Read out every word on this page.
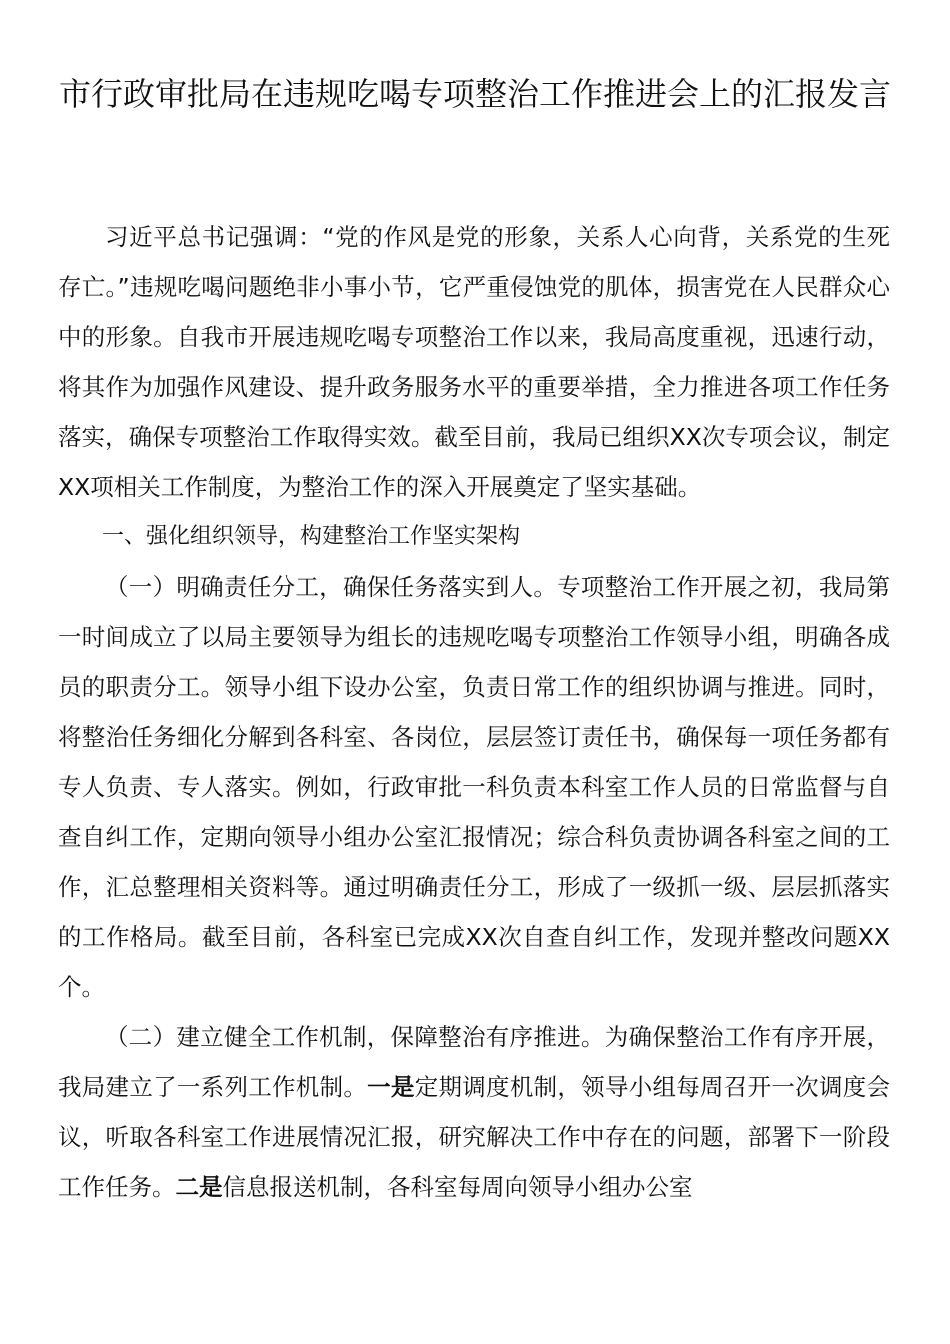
市行政审批局在违规吃喝专项整治工作推进会上的汇报发言

习近平总书记强调：“党的作风是党的形象，关系人心向背，关系党的生死存亡。”违规吃喝问题绝非小事小节，它严重侵蚀党的肌体，损害党在人民群众心中的形象。自我市开展违规吃喝专项整治工作以来，我局高度重视，迅速行动，将其作为加强作风建设、提升政务服务水平的重要举措，全力推进各项工作任务落实，确保专项整治工作取得实效。截至目前，我局已组织XX次专项会议，制定XX项相关工作制度，为整治工作的深入开展奠定了坚实基础。

一、强化组织领导，构建整治工作坚实架构

（一）明确责任分工，确保任务落实到人。专项整治工作开展之初，我局第一时间成立了以局主要领导为组长的违规吃喝专项整治工作领导小组，明确各成员的职责分工。领导小组下设办公室，负责日常工作的组织协调与推进。同时，将整治任务细化分解到各科室、各岗位，层层签订责任书，确保每一项任务都有专人负责、专人落实。例如，行政审批一科负责本科室工作人员的日常监督与自查自纠工作，定期向领导小组办公室汇报情况；综合科负责协调各科室之间的工作，汇总整理相关资料等。通过明确责任分工，形成了一级抓一级、层层抓落实的工作格局。截至目前，各科室已完成XX次自查自纠工作，发现并整改问题XX个。

（二）建立健全工作机制，保障整治有序推进。为确保整治工作有序开展，我局建立了一系列工作机制。一是定期调度机制，领导小组每周召开一次调度会议，听取各科室工作进展情况汇报，研究解决工作中存在的问题，部署下一阶段工作任务。二是信息报送机制，各科室每周向领导小组办公室
